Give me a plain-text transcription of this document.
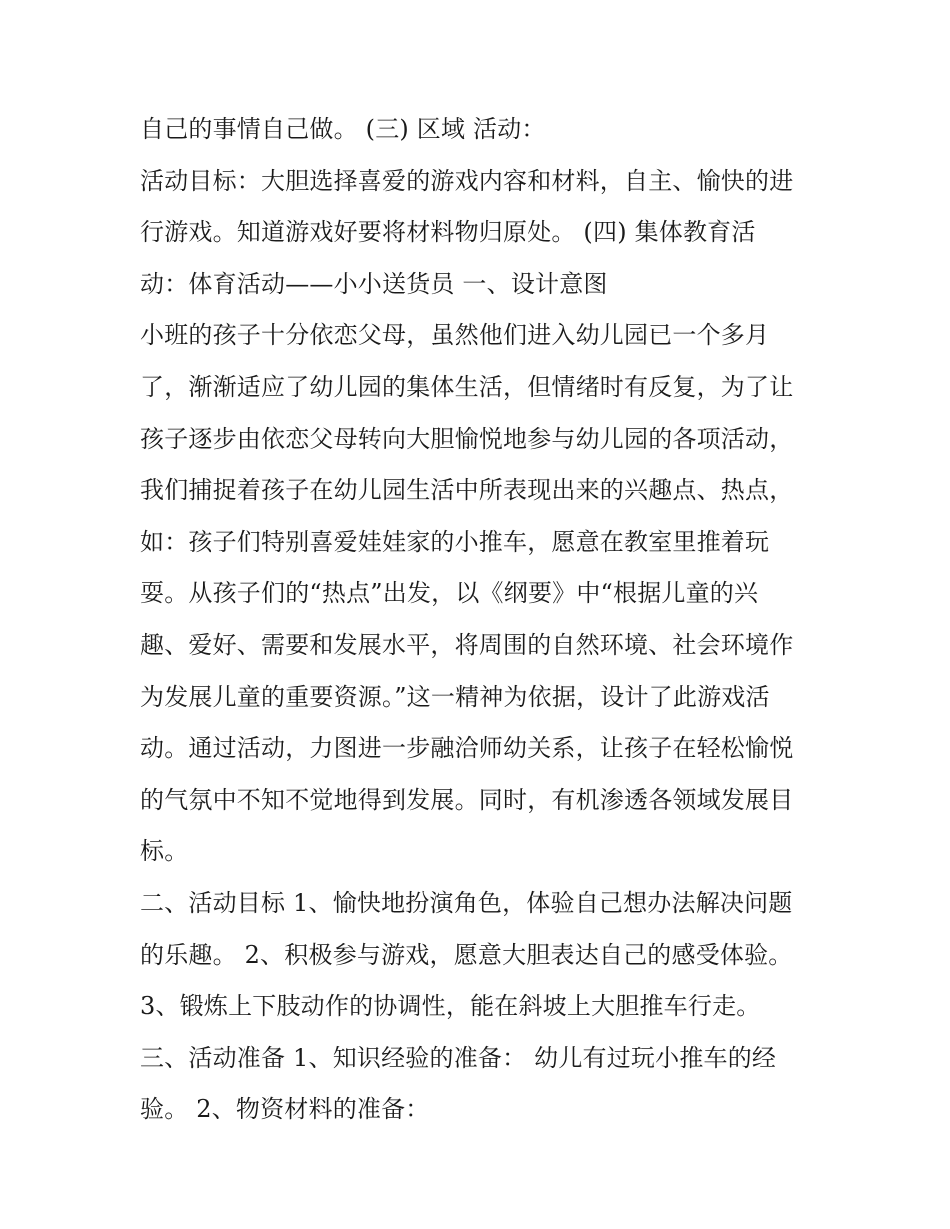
自己的事情自己做。 (三) 区域 活动：
活动目标：大胆选择喜爱的游戏内容和材料，自主、愉快的进
行游戏。知道游戏好要将材料物归原处。 (四) 集体教育活
动：体育活动——小小送货员 一、设计意图
小班的孩子十分依恋父母，虽然他们进入幼儿园已一个多月
了，渐渐适应了幼儿园的集体生活，但情绪时有反复，为了让
孩子逐步由依恋父母转向大胆愉悦地参与幼儿园的各项活动，
我们捕捉着孩子在幼儿园生活中所表现出来的兴趣点、热点，
如：孩子们特别喜爱娃娃家的小推车，愿意在教室里推着玩
耍。从孩子们的“热点”出发，以《纲要》中“根据儿童的兴
趣、爱好、需要和发展水平，将周围的自然环境、社会环境作
为发展儿童的重要资源。”这一精神为依据，设计了此游戏活
动。通过活动，力图进一步融洽师幼关系，让孩子在轻松愉悦
的气氛中不知不觉地得到发展。同时，有机渗透各领域发展目
标。
二、活动目标 1、愉快地扮演角色，体验自己想办法解决问题
的乐趣。 2、积极参与游戏，愿意大胆表达自己的感受体验。
3、锻炼上下肢动作的协调性，能在斜坡上大胆推车行走。
三、活动准备 1、知识经验的准备： 幼儿有过玩小推车的经
验。 2、物资材料的准备：
